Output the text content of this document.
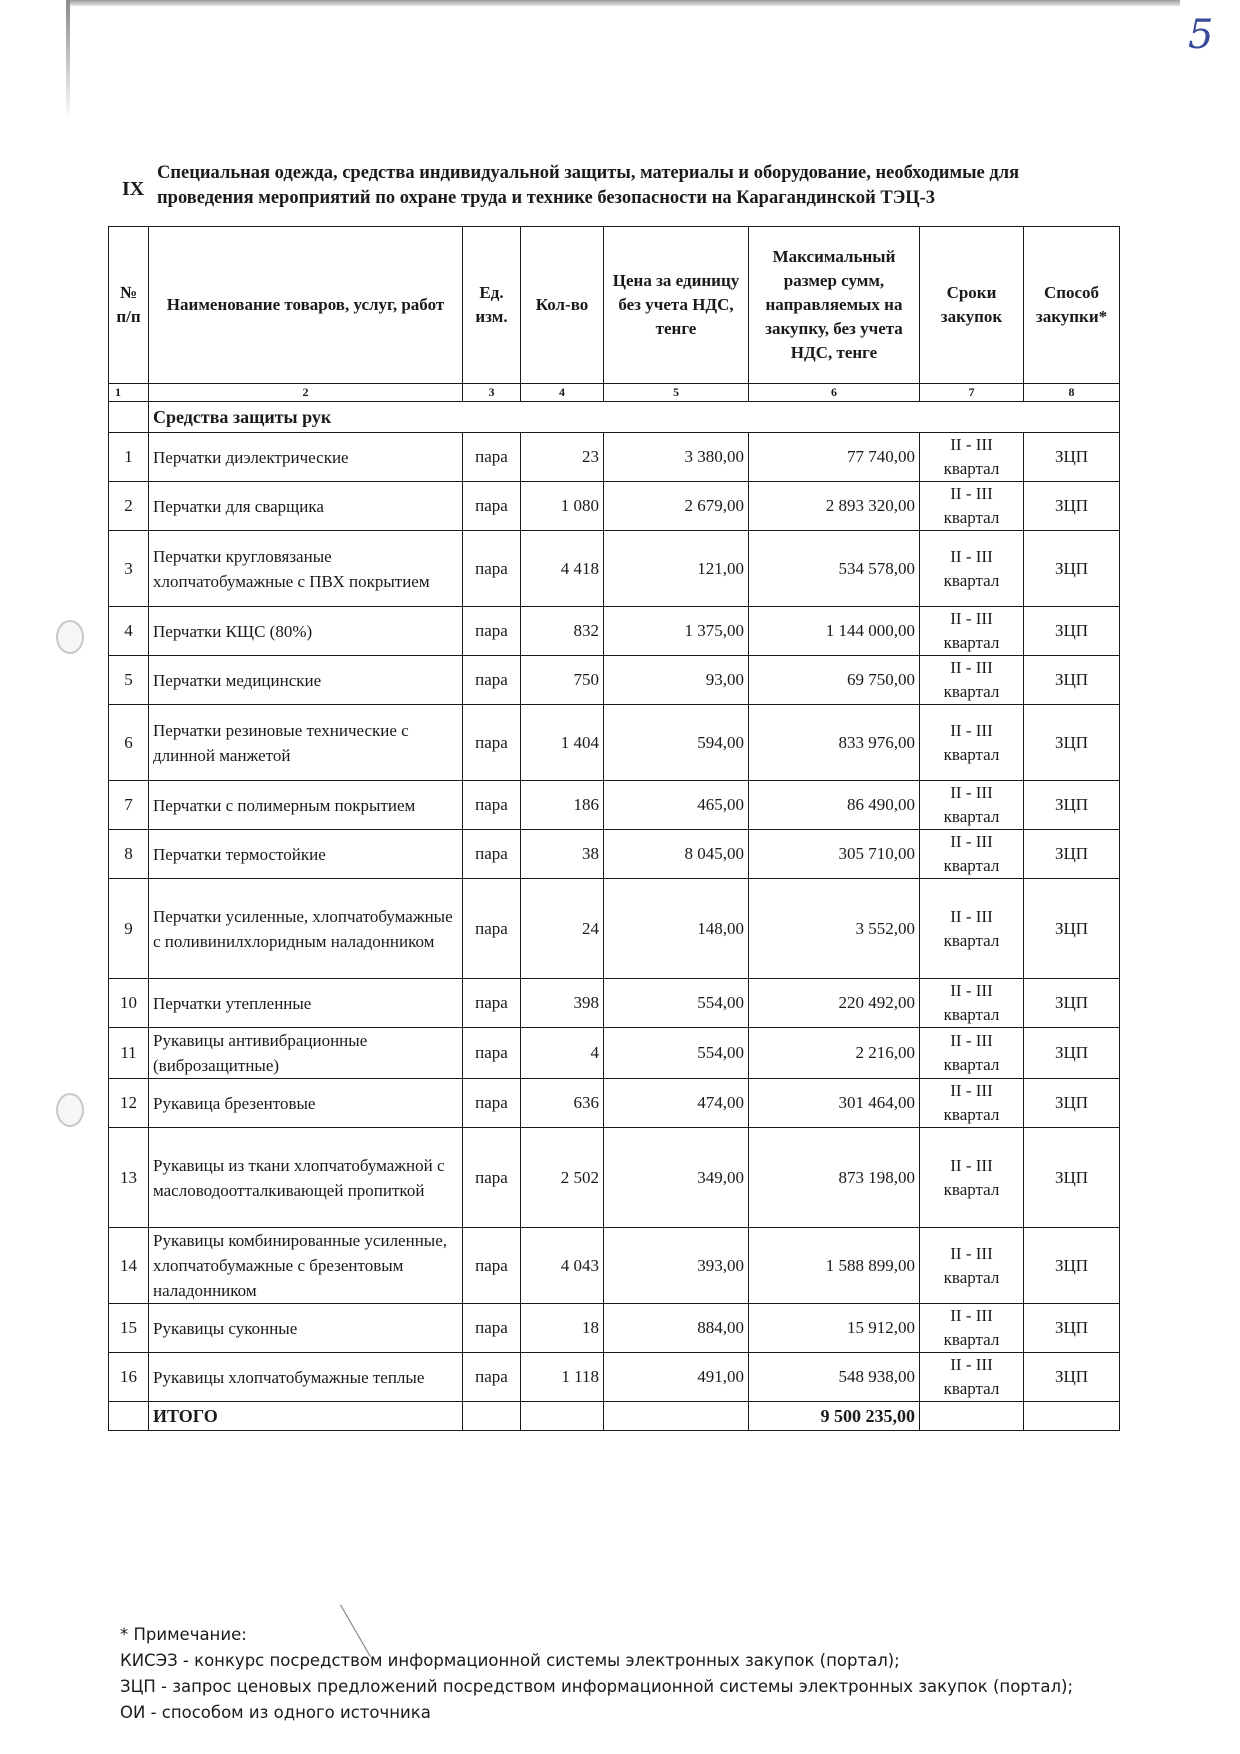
5
IX
Специальная одежда, средства индивидуальной защиты, материалы и оборудование, необходимые для проведения мероприятий по охране труда и технике безопасности на Карагандинской ТЭЦ-3
№ п/п	Наименование товаров, услуг, работ	Ед. изм.	Кол-во	Цена за единицу без учета НДС, тенге	Максимальный размер сумм, направляемых на закупку, без учета НДС, тенге	Сроки закупок	Способ закупки*
1	2	3	4	5	6	7	8
	Средства защиты рук						
1	Перчатки диэлектрические	пара	23	3 380,00	77 740,00	II - III квартал	ЗЦП
2	Перчатки для сварщика	пара	1 080	2 679,00	2 893 320,00	II - III квартал	ЗЦП
3	Перчатки кругловязаные хлопчатобумажные с ПВХ покрытием	пара	4 418	121,00	534 578,00	II - III квартал	ЗЦП
4	Перчатки КЩС (80%)	пара	832	1 375,00	1 144 000,00	II - III квартал	ЗЦП
5	Перчатки медицинские	пара	750	93,00	69 750,00	II - III квартал	ЗЦП
6	Перчатки резиновые технические с длинной манжетой	пара	1 404	594,00	833 976,00	II - III квартал	ЗЦП
7	Перчатки с полимерным покрытием	пара	186	465,00	86 490,00	II - III квартал	ЗЦП
8	Перчатки термостойкие	пара	38	8 045,00	305 710,00	II - III квартал	ЗЦП
9	Перчатки усиленные, хлопчатобумажные с поливинилхлоридным наладонником	пара	24	148,00	3 552,00	II - III квартал	ЗЦП
10	Перчатки утепленные	пара	398	554,00	220 492,00	II - III квартал	ЗЦП
11	Рукавицы антивибрационные (виброзащитные)	пара	4	554,00	2 216,00	II - III квартал	ЗЦП
12	Рукавица брезентовые	пара	636	474,00	301 464,00	II - III квартал	ЗЦП
13	Рукавицы из ткани хлопчатобумажной с масловодоотталкивающей пропиткой	пара	2 502	349,00	873 198,00	II - III квартал	ЗЦП
14	Рукавицы комбинированные усиленные, хлопчатобумажные с брезентовым наладонником	пара	4 043	393,00	1 588 899,00	II - III квартал	ЗЦП
15	Рукавицы суконные	пара	18	884,00	15 912,00	II - III квартал	ЗЦП
16	Рукавицы хлопчатобумажные теплые	пара	1 118	491,00	548 938,00	II - III квартал	ЗЦП
	ИТОГО				9 500 235,00		
* Примечание:
КИСЭЗ - конкурс посредством информационной системы электронных закупок (портал);
ЗЦП - запрос ценовых предложений посредством информационной системы электронных закупок (портал);
ОИ - способом из одного источника
